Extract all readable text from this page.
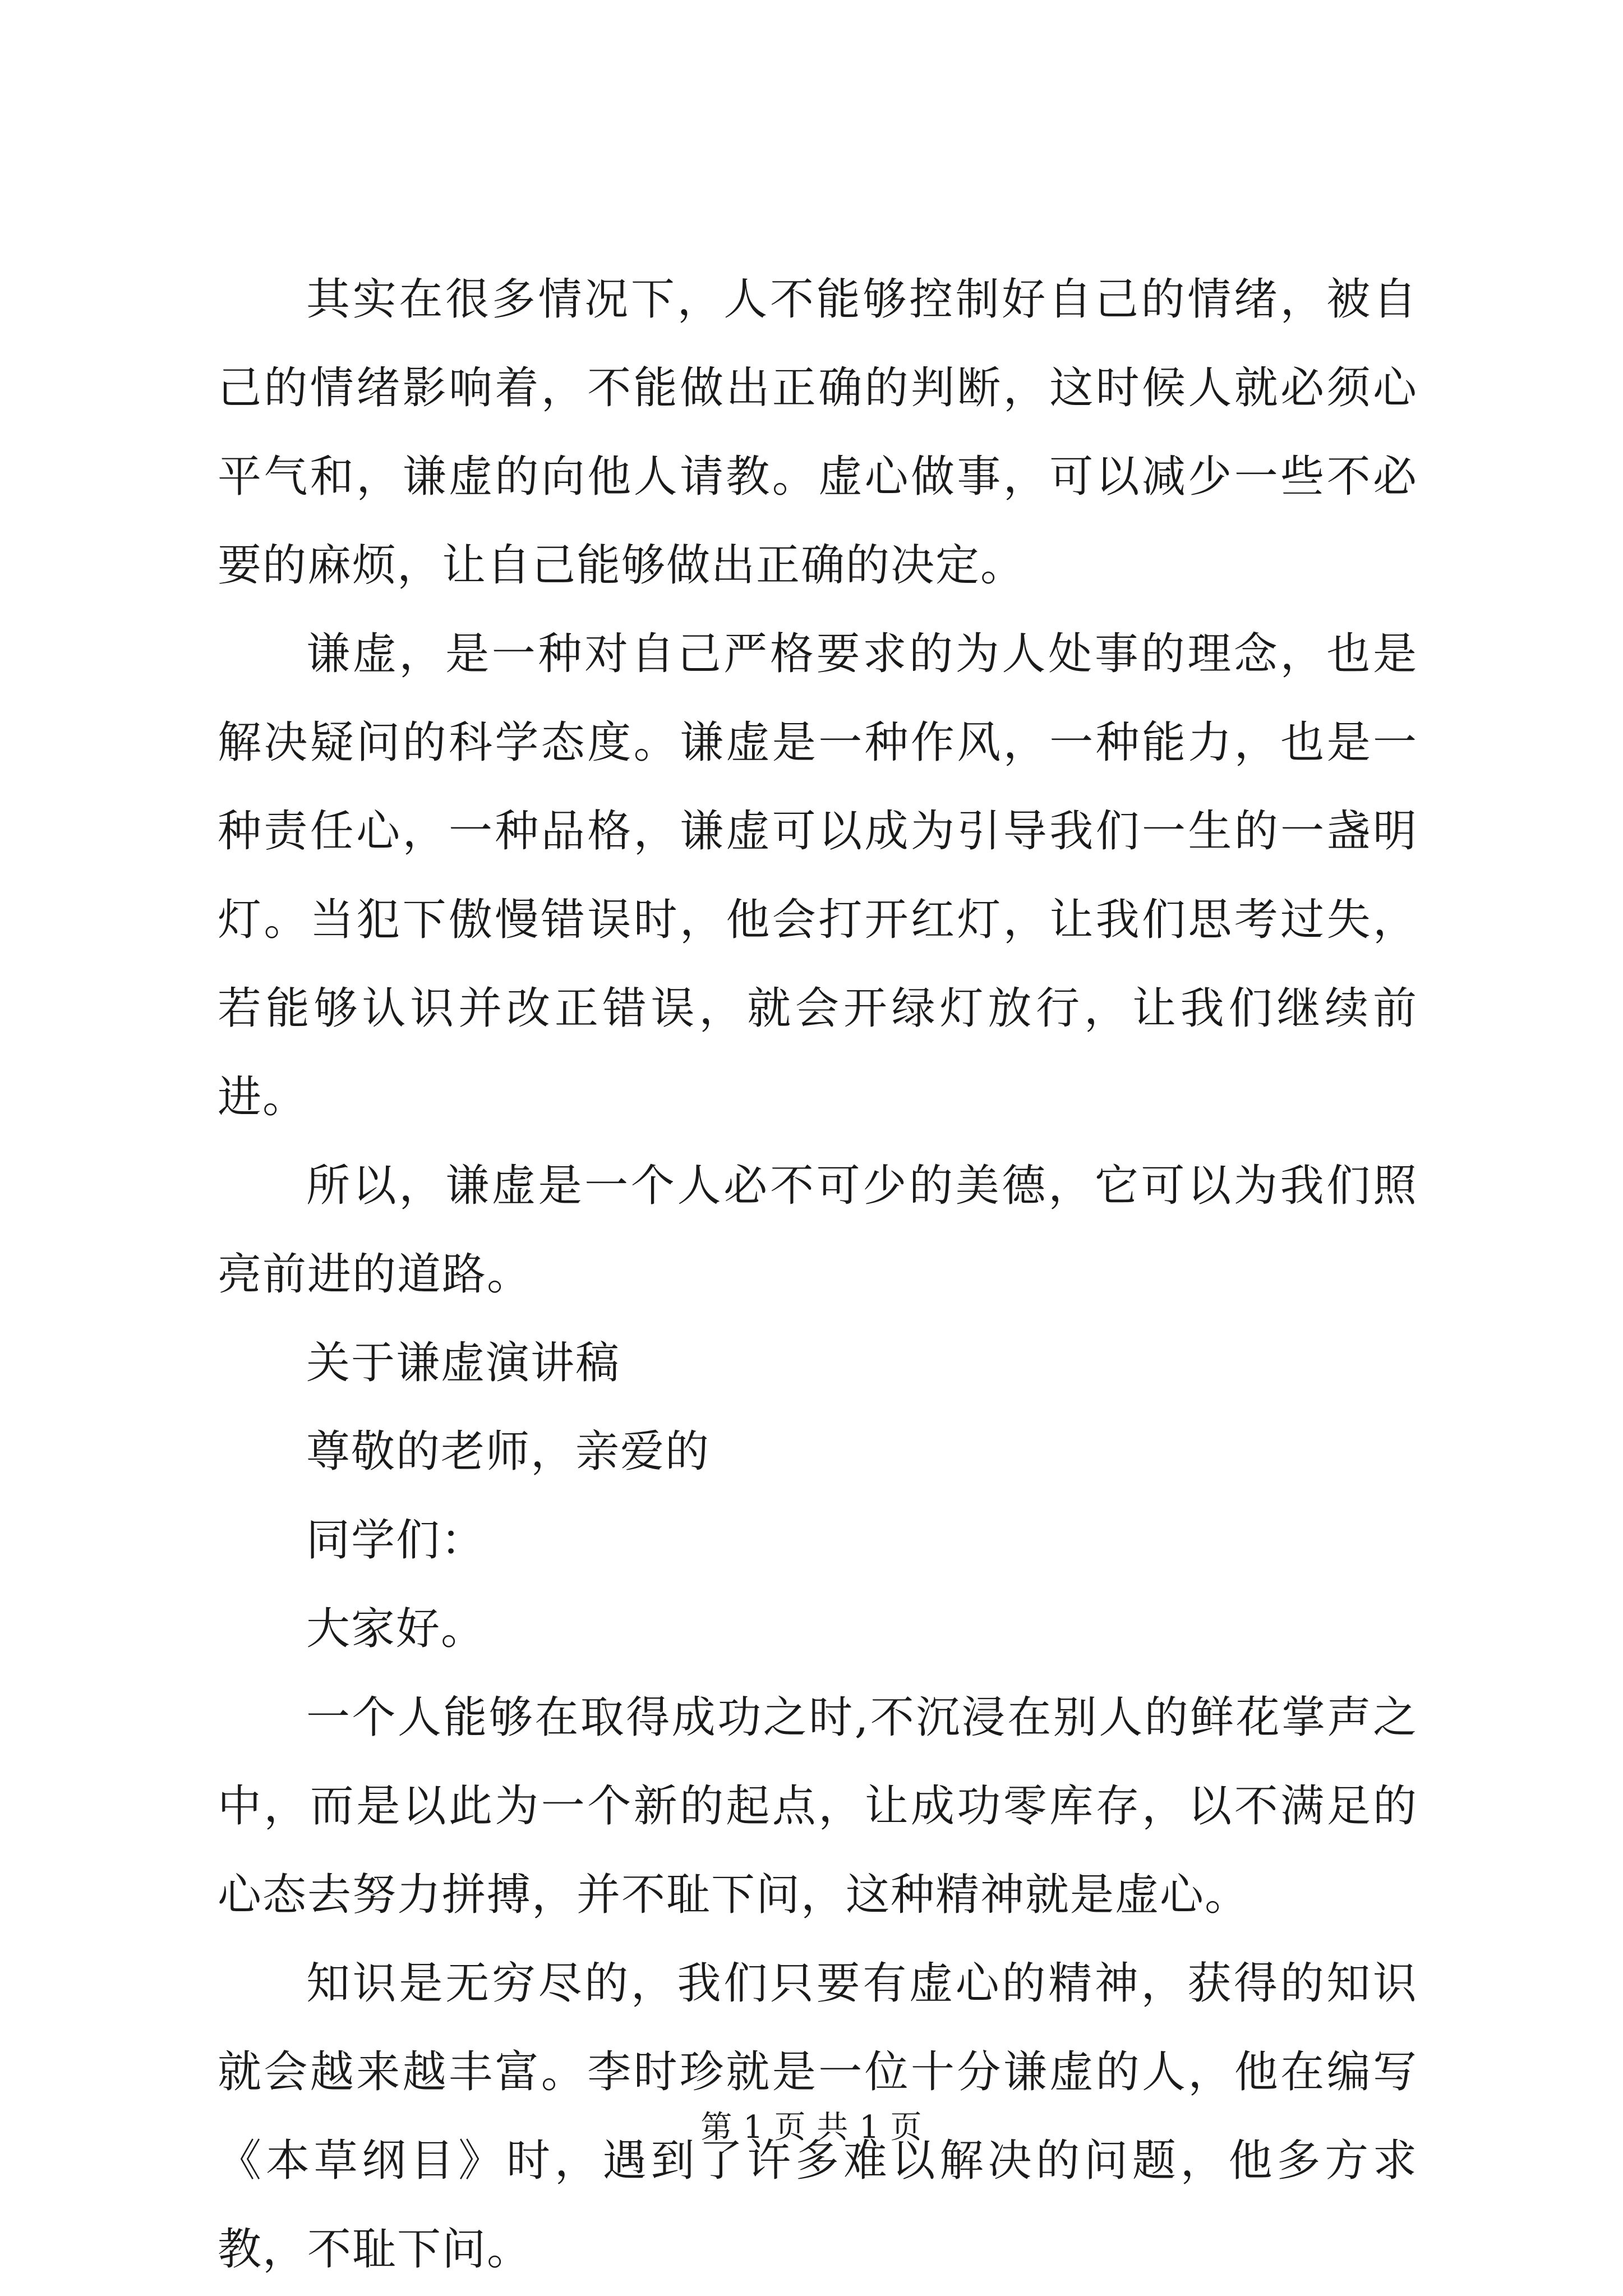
其实在很多情况下，人不能够控制好自己的情绪，被自己的情绪影响着，不能做出正确的判断，这时候人就必须心平气和，谦虚的向他人请教。虚心做事，可以减少一些不必要的麻烦，让自己能够做出正确的决定。

谦虚，是一种对自己严格要求的为人处事的理念，也是解决疑问的科学态度。谦虚是一种作风，一种能力，也是一种责任心，一种品格，谦虚可以成为引导我们一生的一盏明灯。当犯下傲慢错误时，他会打开红灯，让我们思考过失，若能够认识并改正错误，就会开绿灯放行，让我们继续前进。

所以，谦虚是一个人必不可少的美德，它可以为我们照亮前进的道路。

关于谦虚演讲稿

尊敬的老师，亲爱的

同学们：

大家好。

一个人能够在取得成功之时,不沉浸在别人的鲜花掌声之中，而是以此为一个新的起点，让成功零库存，以不满足的心态去努力拼搏，并不耻下问，这种精神就是虚心。

知识是无穷尽的，我们只要有虚心的精神，获得的知识就会越来越丰富。李时珍就是一位十分谦虚的人，他在编写《本草纲目》时，遇到了许多难以解决的问题，他多方求教，不耻下问。

第 1 页 共 1 页
